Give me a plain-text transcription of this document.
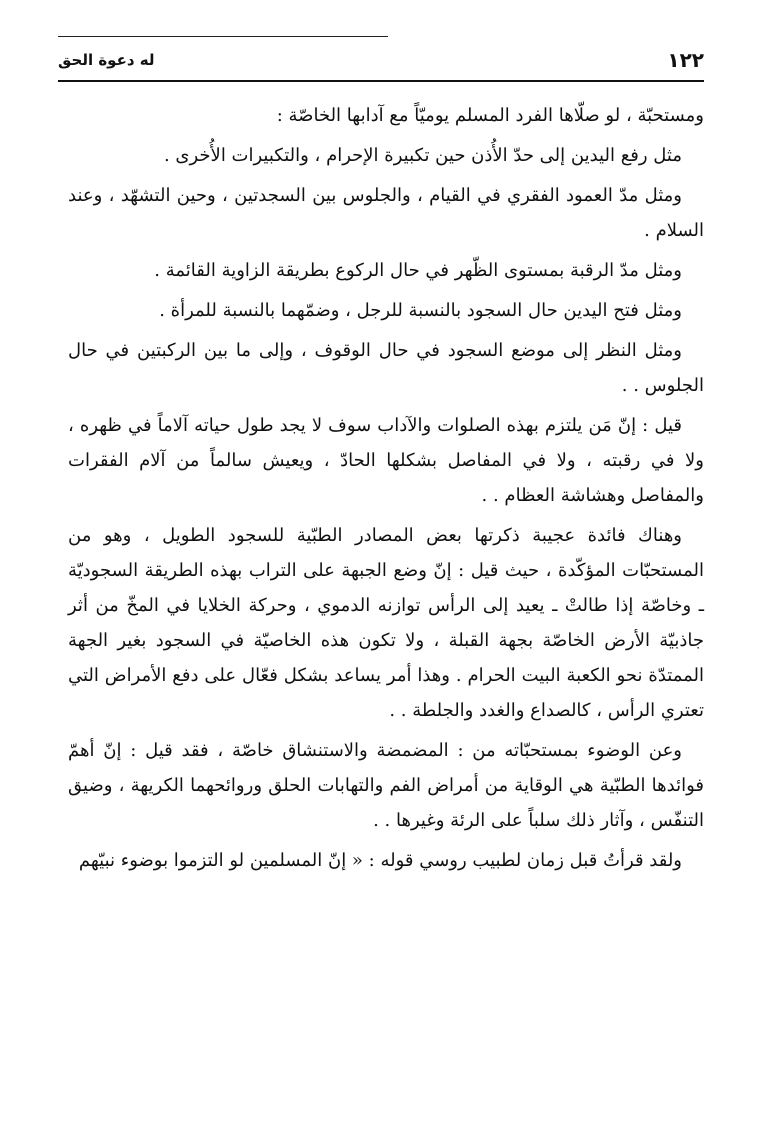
له دعوة الحق	١٢٢

ومستحبّة ، لو صلّاها الفرد المسلم يوميّاً مع آدابها الخاصّة :

مثل رفع اليدين إلى حدّ الأُذن حين تكبيرة الإحرام ، والتكبيرات الأُخرى .

ومثل مدّ العمود الفقري في القيام ، والجلوس بين السجدتين ، وحين التشهّد ، وعند السلام .

ومثل مدّ الرقبة بمستوى الظّهر في حال الركوع بطريقة الزاوية القائمة .

ومثل فتح اليدين حال السجود بالنسبة للرجل ، وضمّهما بالنسبة للمرأة .

ومثل النظر إلى موضع السجود في حال الوقوف ، وإلى ما بين الركبتين في حال الجلوس . .

قيل : إنّ مَن يلتزم بهذه الصلوات والآداب سوف لا يجد طول حياته آلاماً في ظهره ، ولا في رقبته ، ولا في المفاصل بشكلها الحادّ ، ويعيش سالماً من آلام الفقرات والمفاصل وهشاشة العظام . .

وهناك فائدة عجيبة ذكرتها بعض المصادر الطبّية للسجود الطويل ، وهو من المستحبّات المؤكّدة ، حيث قيل : إنّ وضع الجبهة على التراب بهذه الطريقة السجوديّة ـ وخاصّة إذا طالتْ ـ يعيد إلى الرأس توازنه الدموي ، وحركة الخلايا في المخّ من أثر جاذبيّة الأرض الخاصّة بجهة القبلة ، ولا تكون هذه الخاصيّة في السجود بغير الجهة الممتدّة نحو الكعبة البيت الحرام . وهذا أمر يساعد بشكل فعّال على دفع الأمراض التي تعتري الرأس ، كالصداع والغدد والجلطة . .

وعن الوضوء بمستحبّاته من : المضمضة والاستنشاق خاصّة ، فقد قيل : إنّ أهمّ فوائدها الطبّية هي الوقاية من أمراض الفم والتهابات الحلق وروائحهما الكريهة ، وضيق التنفّس ، وآثار ذلك سلباً على الرئة وغيرها . .

ولقد قرأتُ قبل زمان لطبيب روسي قوله : « إنّ المسلمين لو التزموا بوضوء نبيّهم
